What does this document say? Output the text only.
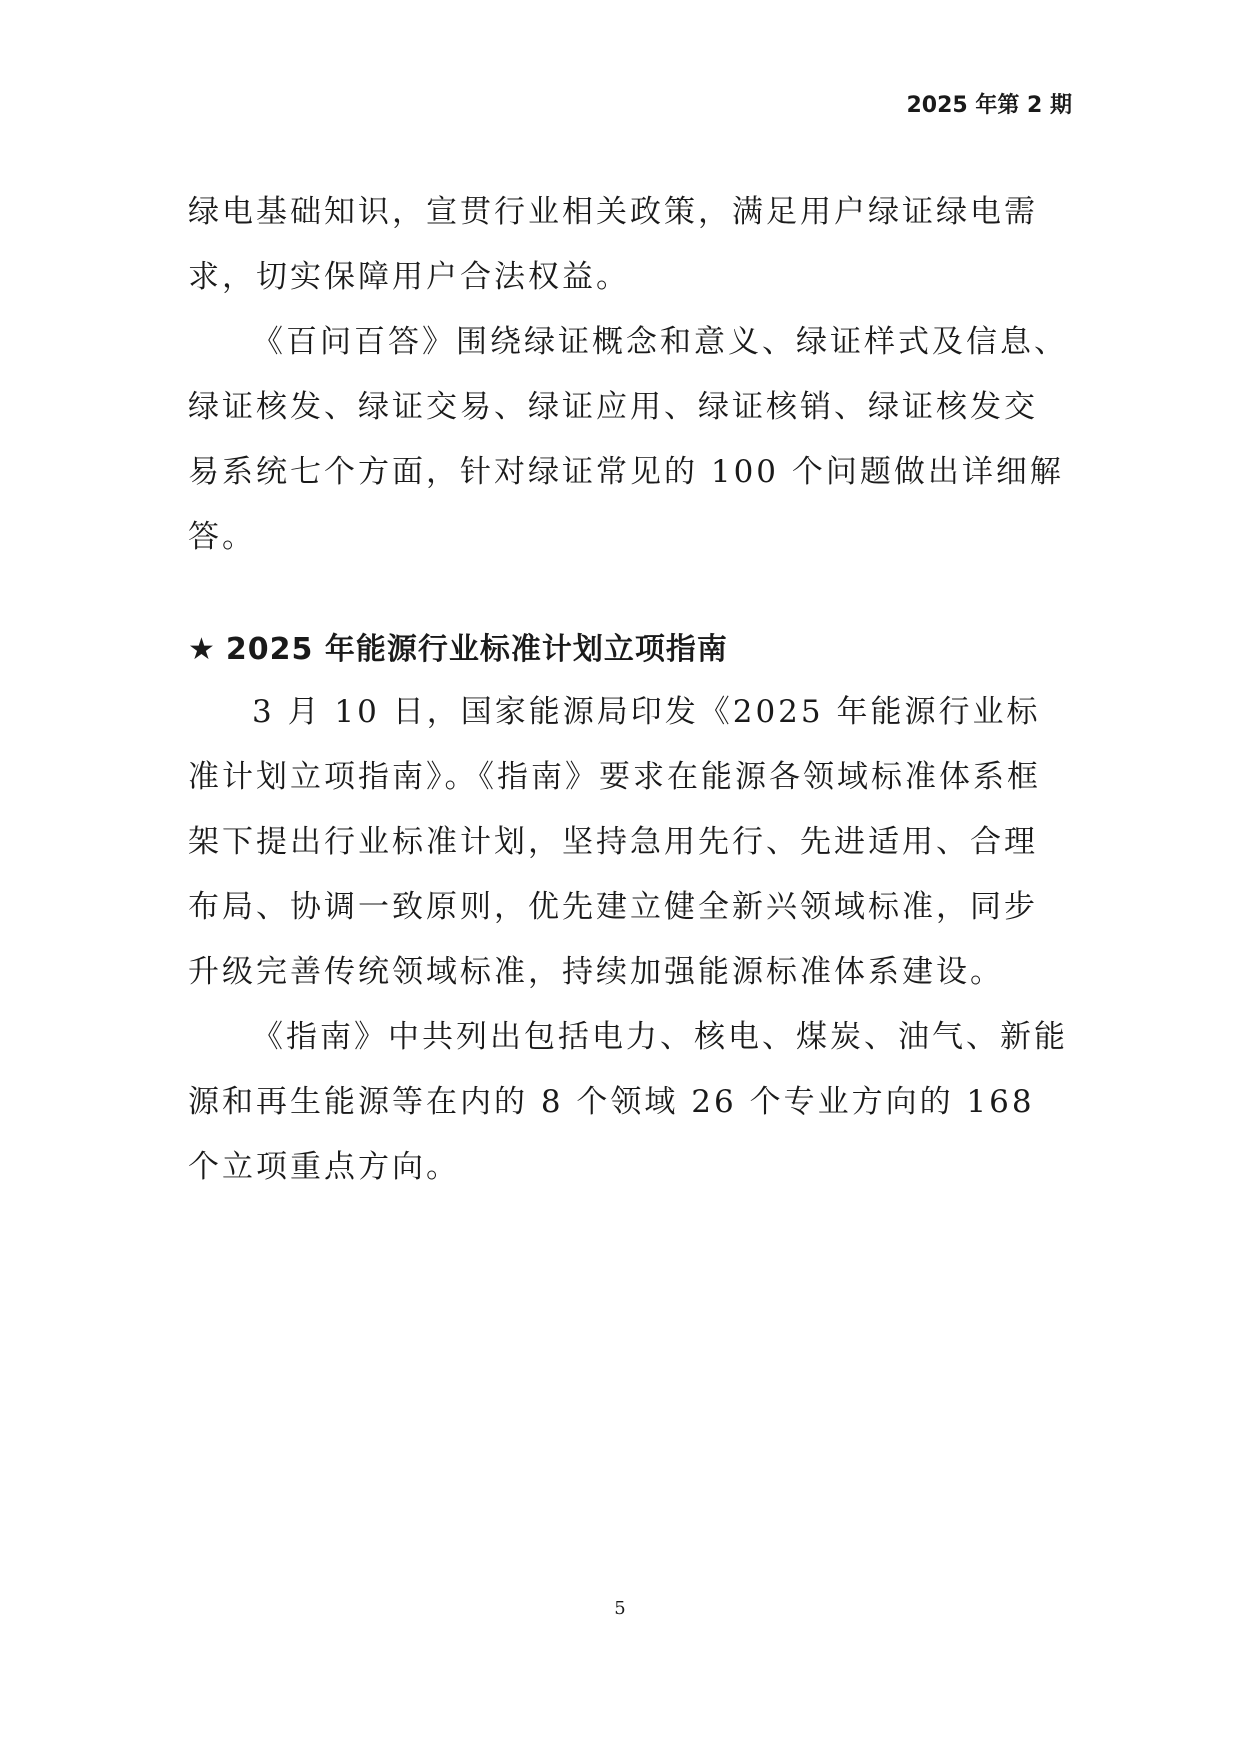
2025 年第 2 期

绿电基础知识，宣贯行业相关政策，满足用户绿证绿电需求，切实保障用户合法权益。

《百问百答》围绕绿证概念和意义、绿证样式及信息、绿证核发、绿证交易、绿证应用、绿证核销、绿证核发交易系统七个方面，针对绿证常见的 100 个问题做出详细解答。

★ 2025 年能源行业标准计划立项指南

3 月 10 日，国家能源局印发《2025 年能源行业标准计划立项指南》。《指南》要求在能源各领域标准体系框架下提出行业标准计划，坚持急用先行、先进适用、合理布局、协调一致原则，优先建立健全新兴领域标准，同步升级完善传统领域标准，持续加强能源标准体系建设。

《指南》中共列出包括电力、核电、煤炭、油气、新能源和再生能源等在内的 8 个领域 26 个专业方向的 168 个立项重点方向。

5
